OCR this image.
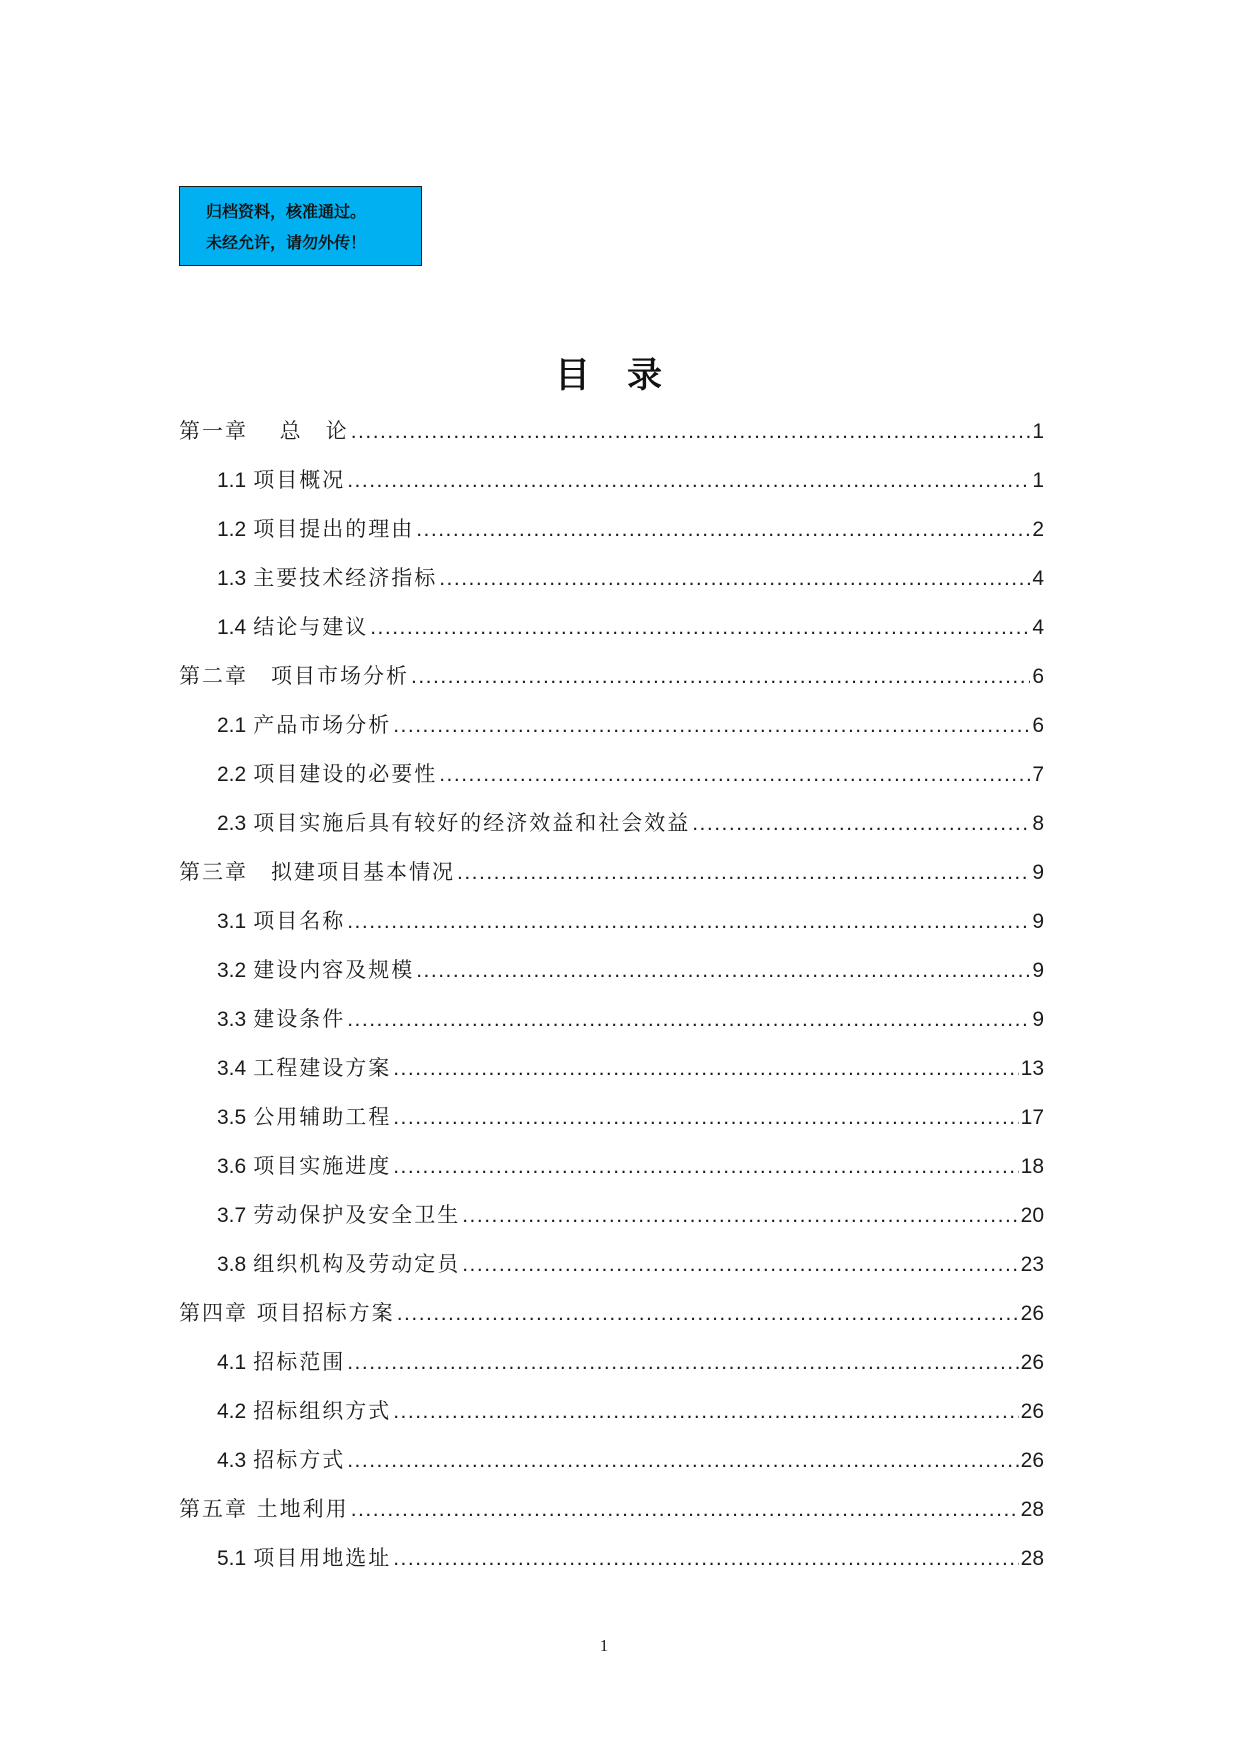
归档资料，核准通过。
未经允许，请勿外传！
目 录
第一章　 总　论 .....	1
1.1 项目概况 .....	1
1.2 项目提出的理由 .....	2
1.3 主要技术经济指标 .....	4
1.4 结论与建议 .....	4
第二章　项目市场分析 .....	6
2.1 产品市场分析 .....	6
2.2 项目建设的必要性 .....	7
2.3 项目实施后具有较好的经济效益和社会效益 .....	8
第三章　拟建项目基本情况 .....	9
3.1 项目名称 .....	9
3.2 建设内容及规模 .....	9
3.3 建设条件 .....	9
3.4 工程建设方案 .....	13
3.5 公用辅助工程 .....	17
3.6 项目实施进度 .....	18
3.7 劳动保护及安全卫生 .....	20
3.8 组织机构及劳动定员 .....	23
第四章 项目招标方案 .....	26
4.1 招标范围 .....	26
4.2 招标组织方式 .....	26
4.3 招标方式 .....	26
第五章 土地利用 .....	28
5.1 项目用地选址 .....	28
1
